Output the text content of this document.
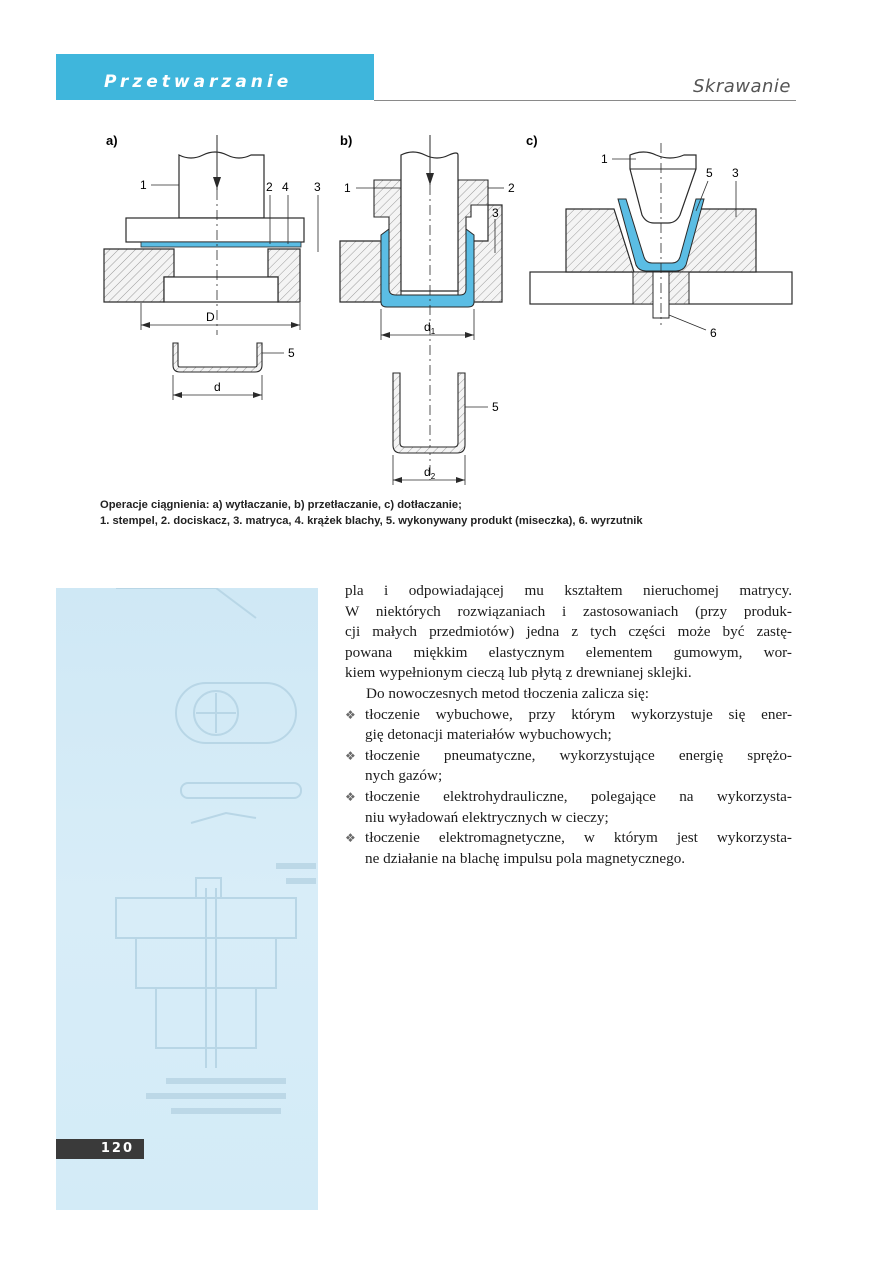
Przetwarzanie	Skrawanie
a)
1	2 4 3
D
5
d
b)
1	2
3
$d_1$
5
$d_2$
c)
1
5 3
6
Operacje ciągnienia: a) wytłaczanie, b) przetłaczanie, c) dotłaczanie;
1. stempel, 2. dociskacz, 3. matryca, 4. krążek blachy, 5. wykonywany produkt (miseczka), 6. wyrzutnik
120

pla i odpowiadającej mu kształtem nieruchomej matrycy.
W niektórych rozwiązaniach i zastosowaniach (przy produk-
cji małych przedmiotów) jedna z tych części może być zastę-
powana miękkim elastycznym elementem gumowym, wor-
kiem wypełnionym cieczą lub płytą z drewnianej sklejki.

Do nowoczesnych metod tłoczenia zalicza się:

❖ tłoczenie wybuchowe, przy którym wykorzystuje się ener-
gię detonacji materiałów wybuchowych;
❖ tłoczenie pneumatyczne, wykorzystujące energię sprężo-
nych gazów;
❖ tłoczenie elektrohydrauliczne, polegające na wykorzysta-
niu wyładowań elektrycznych w cieczy;
❖ tłoczenie elektromagnetyczne, w którym jest wykorzysta-
ne działanie na blachę impulsu pola magnetycznego.
